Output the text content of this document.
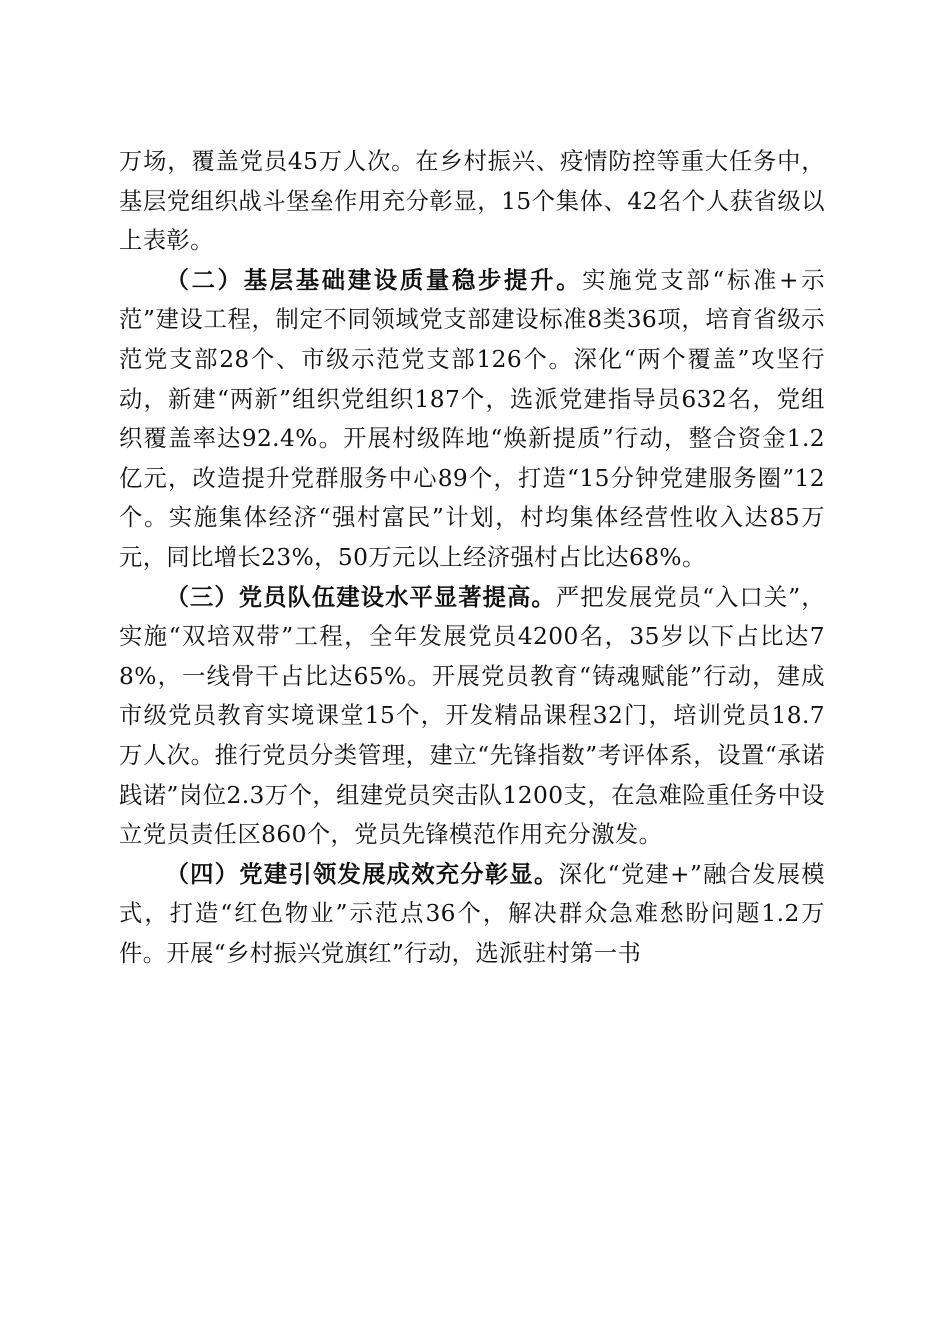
万场，覆盖党员45万人次。在乡村振兴、疫情防控等重大任务中，基层党组织战斗堡垒作用充分彰显，15个集体、42名个人获省级以上表彰。

（二）基层基础建设质量稳步提升。实施党支部“标准+示范”建设工程，制定不同领域党支部建设标准8类36项，培育省级示范党支部28个、市级示范党支部126个。深化“两个覆盖”攻坚行动，新建“两新”组织党组织187个，选派党建指导员632名，党组织覆盖率达92.4%。开展村级阵地“焕新提质”行动，整合资金1.2亿元，改造提升党群服务中心89个，打造“15分钟党建服务圈”12个。实施集体经济“强村富民”计划，村均集体经营性收入达85万元，同比增长23%，50万元以上经济强村占比达68%。

（三）党员队伍建设水平显著提高。严把发展党员“入口关”，实施“双培双带”工程，全年发展党员4200名，35岁以下占比达78%，一线骨干占比达65%。开展党员教育“铸魂赋能”行动，建成市级党员教育实境课堂15个，开发精品课程32门，培训党员18.7万人次。推行党员分类管理，建立“先锋指数”考评体系，设置“承诺践诺”岗位2.3万个，组建党员突击队1200支，在急难险重任务中设立党员责任区860个，党员先锋模范作用充分激发。

（四）党建引领发展成效充分彰显。深化“党建+”融合发展模式，打造“红色物业”示范点36个，解决群众急难愁盼问题1.2万件。开展“乡村振兴党旗红”行动，选派驻村第一书
